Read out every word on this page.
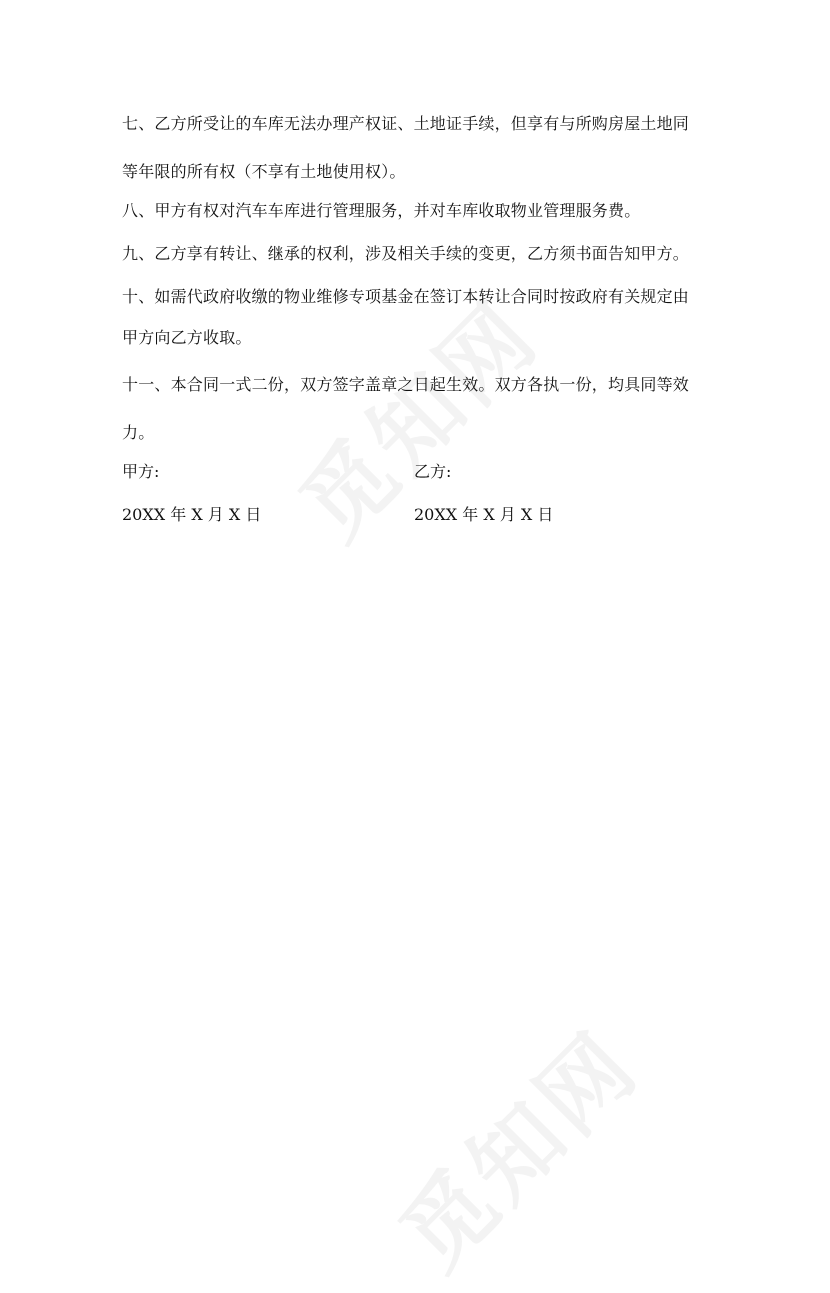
七、乙方所受让的车库无法办理产权证、土地证手续，但享有与所购房屋土地同
等年限的所有权（不享有土地使用权）。
八、甲方有权对汽车车库进行管理服务，并对车库收取物业管理服务费。
九、乙方享有转让、继承的权利，涉及相关手续的变更，乙方须书面告知甲方。
十、如需代政府收缴的物业维修专项基金在签订本转让合同时按政府有关规定由
甲方向乙方收取。
十一、本合同一式二份，双方签字盖章之日起生效。双方各执一份，均具同等效
力。
甲方:	乙方:
20XX 年 X 月 X 日	20XX 年 X 月 X 日
